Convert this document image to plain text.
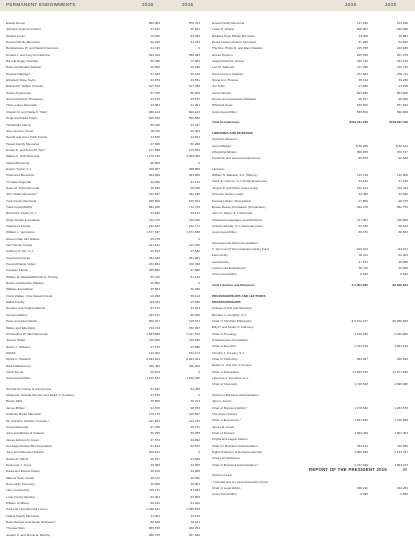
PERMANENT ENDOWMENTS	2016	2015	2016	2015
Estelle Reese	865,803	878,703
Jeff and Jovanna Grether	34,041	35,821
Sandra Lewis	79,250	83,280
Dennis Ritchie Memorial	22,424	24,043
Bomblestone W. and Sarah Dunsmore	31,715	0
Donald J. and Lucy Ann Etienne	524,310	556,093
Bill and Peggy Snodder	69,788	72,884
Hatti and Rosalie Sullivan	49,800	26,949
Susana Naginger	37,382	39,193
Elizabeth Rose Taylor	93,870	49,651
Richard R. Tedder II Family	107,543	107,456
Susan Tepperman	67,756	80,909
Jill and Fletcher Thompson	54,125	56,672
Three Lakes Memorial	43,693	41,991
Charles R. and Nellie F. Tiford	689,123	520,133
Hugh and Marla Tinker	815,312	550,682
Timberlake Family	88,340	43,447
John and Ann Toner	35,115	36,364
Harold and Anne Tobin Family	41,636	44,524
Tweed Family Memorial	47,986	50,268
Ernest H. and Anna W. Tyler	171,899	179,954
Walter G. Toth Memorial	1,278,145	1,393,950
Vanderbilt Family	98,983	0
Evelyn Tucker T. J.	378,067	398,889
Townsend Memorial	304,699	323,855
Tri-State Regional	44,096	91,143
Peter M. Tripp Memorial	45,595	68,788
John Tobbs Memorial *	312,567	332,238
Tuck Family Memorial	265,809	278,814
Tulsa Group/NAPA	892,995	712,735
Richard F. Twohy, D.J.	33,663	35,141
Upper Divide Foundation	112,379	116,426
Velazquez Family	163,623	162,771
William L. Van Doren	1,577,637	1,371,638
Steven Dale Van Daehle	89,478	0
Van Haeren Family	107,181	112,250
Anthony P. Vitz, S.J.	30,513	47,582
Vogelsang Family	394,330	381,081
Pat and Randy Volker	154,803	162,398
Vonasko Family	286,882	67,806
William E. Waddell/Michael D. Herzog	55,370	57,132
Robert and Debbie Wallace	49,850	0
Wallace Foundation	45,583	46,450
Frank Walker, Chet Nanart Friend	28,268	36,144
Walsh Family	118,011	23,386
Prentice and Virginia Warner	87,572	91,813
Carolyn Waters	402,141	88,305
Peter and Carol Webb	559,917	118,574
Walter and Ella Welty	743,474	780,067
Christopher W. Wert Memorial	1,523,888	1,417,512
Jeanne Wharf	118,869	123,540
Nancy L. Williams	37,573	33,580
WMAS	116,402	152,174
Myrtle C. Waddell	8,423,814	8,423,814
David Waltemeyer	166,394	156,004
Youth Funds	60,070	0
Anonymous/Other	1,153,531	1,186,435
Scholar by Choice & Anonymous	51,591	54,456
Abramson Scholar Women and Ralph J. Smothey	51,579	0
Bruton Mills	76,806	78,213
James Britton	91,576	98,978
Anaheim Burke Memorial	170,175	166,807
Mr. and Mrs. Charles Crowder *	101,864	114,753
Crane Memorial	97,758	65,721
John and Marcia di Castello	56,759	66,258
James Edmond's Green	27,570	29,892
Gonzaga Student Bar Association	31,643	32,870
John and Deborah Holleran	108,101	0
Daniel R. Hamill	30,877	31,984
Desmond J. Joyce	25,089	24,300
David and Bonnie Kaiser	40,156	42,895
Marcus Keen Family	28,473	30,352
Nora Lavin Kemmery	25,568	25,901
Lane Community	115,272	81,954
Lowe Family Student	63,364	94,809
William Lindberg	38,146	31,042
Paul and Lisa Bernardi Lucero	1,428,181	1,350,875
Lizardi Family Memorial	31,001	32,578
Nate Metzger and Susan Rickleand	38,848	33,611
Thomas Marx	955,578	938,253
Joseph C. and Muriel E. Murphy	286,705	297,849
Nusell Family Memorial	147,249	154,520
Lewis H. Orland	608,981	290,988
Barbara Hess Partap Memorial	34,368	25,881
Dowd Carlson Palmer Memorial	37,096	69,892
The Rev. Philip M. and Mary Raskins	215,758	223,825
Reese Hudson	205,550	207,278
Judge Robert E. Reese	435,742	452,979
Lee M. Salzman	117,099	120,729
Pat and Gerry Sullivan	157,939	156,711
Sylvia Ann Thomas	38,314	39,236
Jim Tobin	21,465	23,819
Carrie Woods	824,828	854,806
Dennis and Jacqueline Whitaker	38,977	98,489
Whirland Keep	186,820	257,833
Anonymous/Other	855,959	580,809
Total Scholarships	$119,311,769	$118,937,449
LIBRARIES AND MUSEUMS
Jundt Art Museum:
Carol Albright	$ 58,485	$ 60,614
Albright Exhibition	850,875	876,717
Frederick and Genevieve Eichorner	86,183	90,682
Libraries:
William N. Blackett, S.J. (History)	133,729	142,006
Frank E. Caruso, S.J. (Political Science)	33,182	37,185
Joseph P. and Helen Gates (Law)	162,121	128,444
Florence Harvey (Law)	93,366	92,954
Pamela Library (Humanities)	17,866	28,725
Doelle-Reese Foundation (Humanities)	549,278	582,753
John H. Taylor, S.J. Memorial
(Classical Languages and Patristics)	127,057	130,885
Charles Weekly, S.J. Memorial (Law)	25,978	28,156
Anonymous/Other	68,670	68,663
Gonzaga Law School Foundation:
T. Jenny and Helen Greeder Library Fund	109,810	112,011
Law Library	90,110	92,205
Law Review	27,871	28,868
Loeber Law Endowment	50,110	56,286
Anonymous/Other	8,043	8,824
Total Libraries and Museums	$ 2,504,030	$2,326,564
PROFESSORSHIPS AND LECTURES
PROFESSORSHIPS
College of Arts and Sciences:
Bernard J. Coughlin, S.J.,
Chair of Christian Philosophy	$ 2,162,377	$2,288,565
Billy P. and Stuart O. Flannery,
Chair of Theology	1,918,283	2,036,889
Knickerbocker Foundation,
Chair of Fine Arts	1,763,756	1,863,615
Timothy J. O'Leary, S.J.,
Chair of Chemistry	894,837	946,530
Robert K. and Ann J. Powers,
Chair of Humanities	13,659,575	13,977,690
Laurence J. Donohue, S.J.,
Chair of Chemistry	1,745,518	1,895,380
School of Business Administration:
John L. Kranz,
Chair of Business Ethics *	1,178,646	1,264,578
The Green Stoner,
Chair of Economics *	1,631,825	1,725,890
James R. Lovell,
Chair of Finance	1,694,466	1,807,453
Phyllis and Angelo Mastro
Chair for Business Administration	753,614	739,586
Piglet Professor of Entrepreneurship	2,890,830	3,131,757
Kinsey M. Robinson,
Chair of Business Administration *	1,747,336	1,863,213
School of Law:
J. Donald and Ivy Lane (Donnelli) Curran
Chair of Legal Ethics	298,212	162,284
Anonymous/Other	2,395	2,052
REPORT OF THE PRESIDENT 2016	30
